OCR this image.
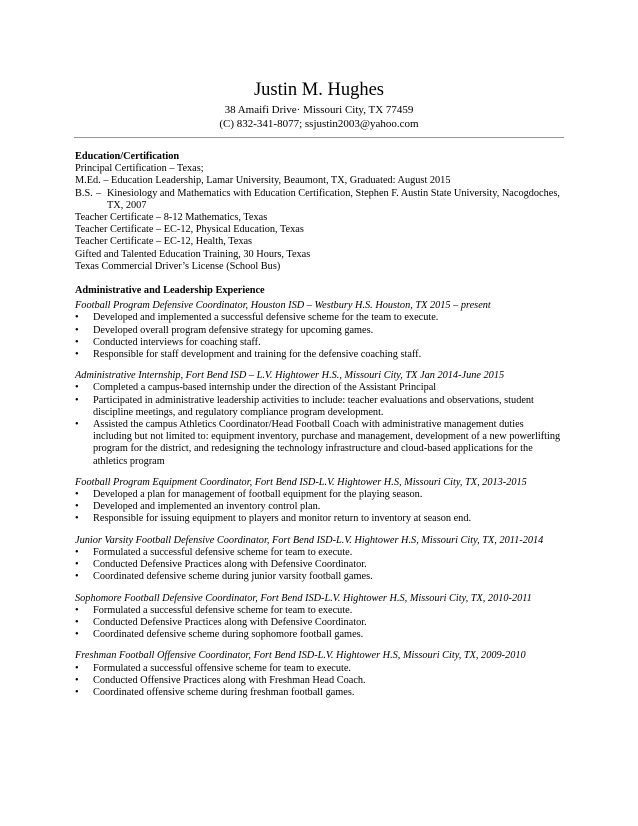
Justin M. Hughes
38 Amaifi Drive· Missouri City, TX 77459
(C) 832-341-8077; ssjustin2003@yahoo.com
Education/Certification
Principal Certification – Texas;
M.Ed. – Education Leadership, Lamar University, Beaumont, TX, Graduated: August 2015
B.S. – Kinesiology and Mathematics with Education Certification, Stephen F. Austin State University, Nacogdoches, TX, 2007
Teacher Certificate – 8-12 Mathematics, Texas
Teacher Certificate – EC-12, Physical Education, Texas
Teacher Certificate – EC-12, Health, Texas
Gifted and Talented Education Training, 30 Hours, Texas
Texas Commercial Driver’s License (School Bus)
Administrative and Leadership Experience
Football Program Defensive Coordinator, Houston ISD – Westbury H.S. Houston, TX 2015 – present
•
Developed and implemented a successful defensive scheme for the team to execute.
•
Developed overall program defensive strategy for upcoming games.
•
Conducted interviews for coaching staff.
•
Responsible for staff development and training for the defensive coaching staff.
Administrative Internship, Fort Bend ISD – L.V. Hightower H.S., Missouri City, TX Jan 2014-June 2015
•
Completed a campus-based internship under the direction of the Assistant Principal
•
Participated in administrative leadership activities to include: teacher evaluations and observations, student discipline meetings, and regulatory compliance program development.
•
Assisted the campus Athletics Coordinator/Head Football Coach with administrative management duties including but not limited to: equipment inventory, purchase and management, development of a new powerlifting program for the district, and redesigning the technology infrastructure and cloud-based applications for the athletics program
Football Program Equipment Coordinator, Fort Bend ISD-L.V. Hightower H.S, Missouri City, TX, 2013-2015
•
Developed a plan for management of football equipment for the playing season.
•
Developed and implemented an inventory control plan.
•
Responsible for issuing equipment to players and monitor return to inventory at season end.
Junior Varsity Football Defensive Coordinator, Fort Bend ISD-L.V. Hightower H.S, Missouri City, TX, 2011-2014
•
Formulated a successful defensive scheme for team to execute.
•
Conducted Defensive Practices along with Defensive Coordinator.
•
Coordinated defensive scheme during junior varsity football games.
Sophomore Football Defensive Coordinator, Fort Bend ISD-L.V. Hightower H.S, Missouri City, TX, 2010-2011
•
Formulated a successful defensive scheme for team to execute.
•
Conducted Defensive Practices along with Defensive Coordinator.
•
Coordinated defensive scheme during sophomore football games.
Freshman Football Offensive Coordinator, Fort Bend ISD-L.V. Hightower H.S, Missouri City, TX, 2009-2010
•
Formulated a successful offensive scheme for team to execute.
•
Conducted Offensive Practices along with Freshman Head Coach.
•
Coordinated offensive scheme during freshman football games.
